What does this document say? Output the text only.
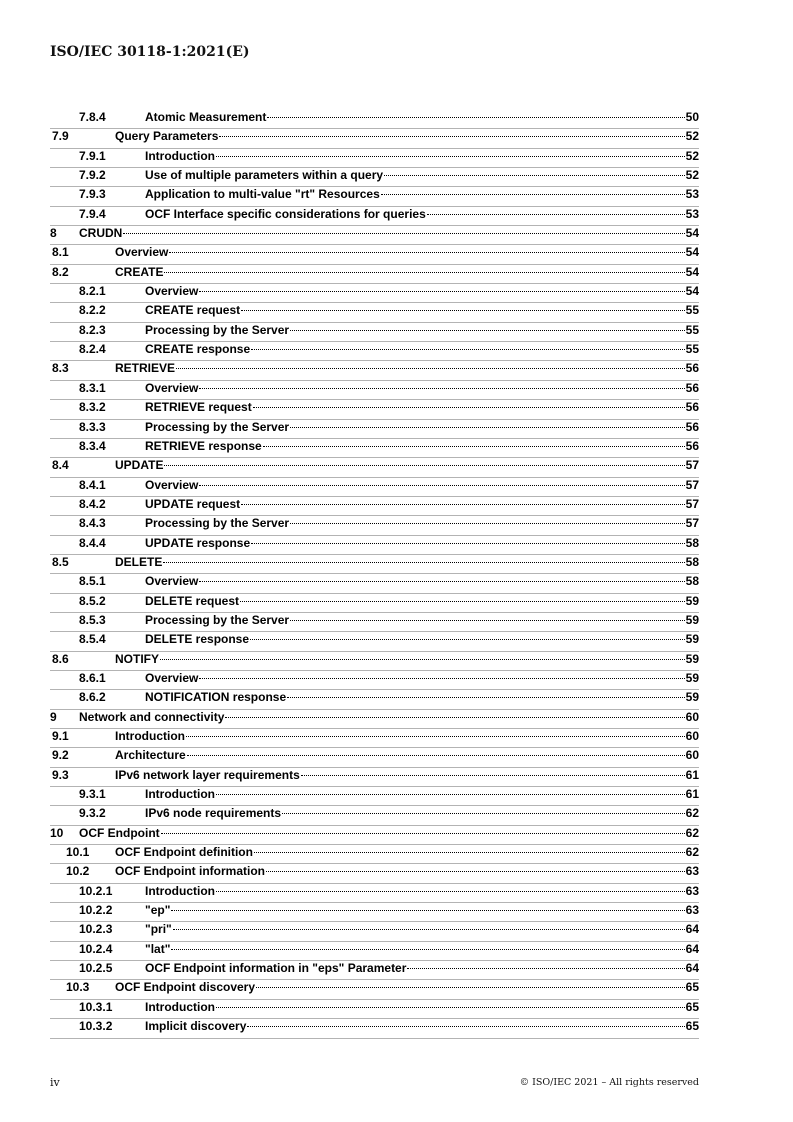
ISO/IEC 30118-1:2021(E)
7.8.4	Atomic Measurement	50
7.9	Query Parameters	52
7.9.1	Introduction	52
7.9.2	Use of multiple parameters within a query	52
7.9.3	Application to multi-value "rt" Resources	53
7.9.4	OCF Interface specific considerations for queries	53
8	CRUDN	54
8.1	Overview	54
8.2	CREATE	54
8.2.1	Overview	54
8.2.2	CREATE request	55
8.2.3	Processing by the Server	55
8.2.4	CREATE response	55
8.3	RETRIEVE	56
8.3.1	Overview	56
8.3.2	RETRIEVE request	56
8.3.3	Processing by the Server	56
8.3.4	RETRIEVE response	56
8.4	UPDATE	57
8.4.1	Overview	57
8.4.2	UPDATE request	57
8.4.3	Processing by the Server	57
8.4.4	UPDATE response	58
8.5	DELETE	58
8.5.1	Overview	58
8.5.2	DELETE request	59
8.5.3	Processing by the Server	59
8.5.4	DELETE response	59
8.6	NOTIFY	59
8.6.1	Overview	59
8.6.2	NOTIFICATION response	59
9	Network and connectivity	60
9.1	Introduction	60
9.2	Architecture	60
9.3	IPv6 network layer requirements	61
9.3.1	Introduction	61
9.3.2	IPv6 node requirements	62
10	OCF Endpoint	62
10.1	OCF Endpoint definition	62
10.2	OCF Endpoint information	63
10.2.1	Introduction	63
10.2.2	"ep"	63
10.2.3	"pri"	64
10.2.4	"lat"	64
10.2.5	OCF Endpoint information in "eps" Parameter	64
10.3	OCF Endpoint discovery	65
10.3.1	Introduction	65
10.3.2	Implicit discovery	65
iv	© ISO/IEC 2021 – All rights reserved
